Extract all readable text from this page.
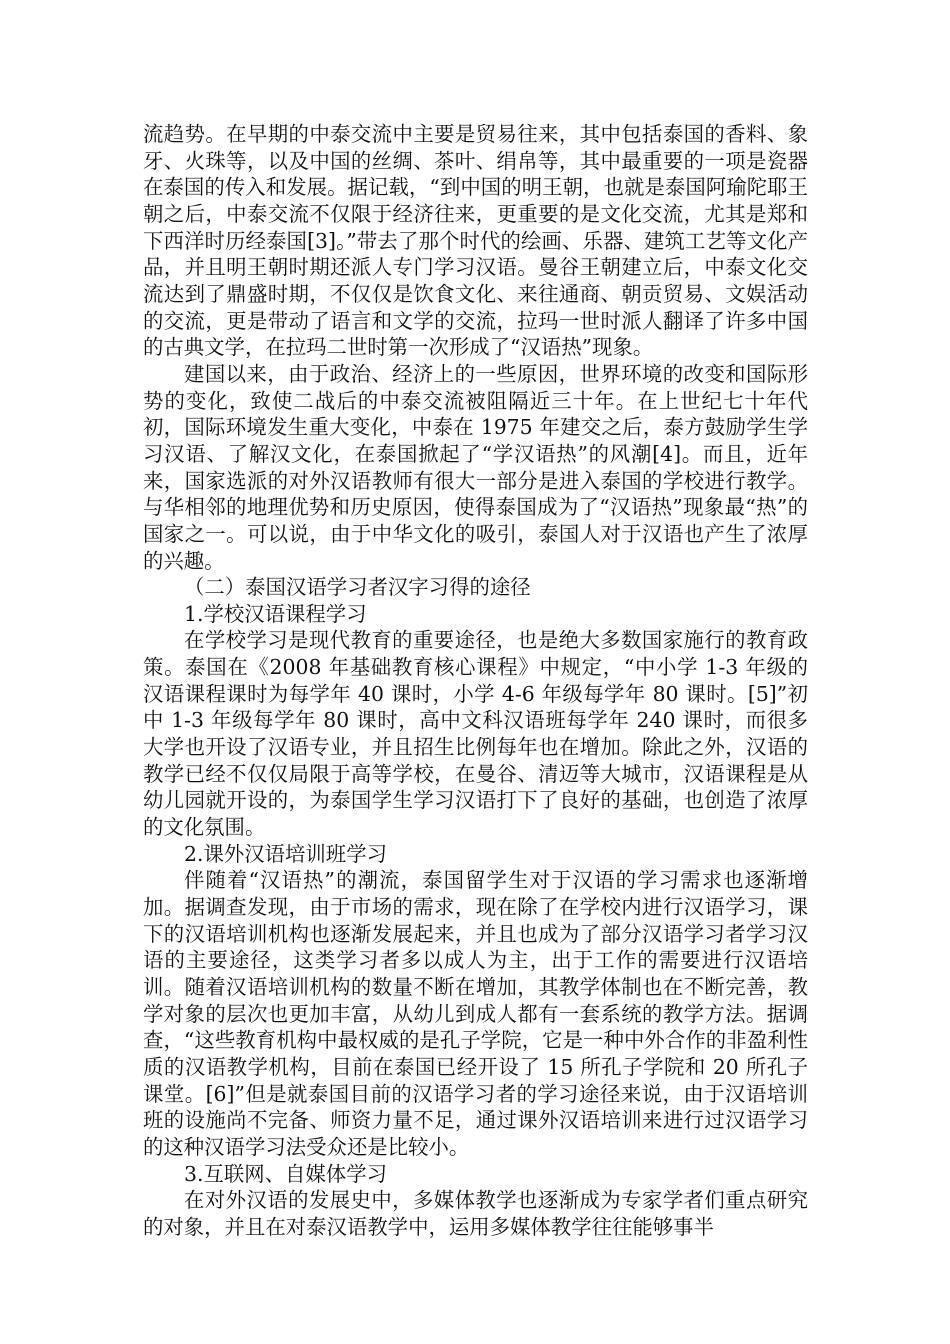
流趋势。在早期的中泰交流中主要是贸易往来，其中包括泰国的香料、象牙、火珠等，以及中国的丝绸、茶叶、绢帛等，其中最重要的一项是瓷器在泰国的传入和发展。据记载，“到中国的明王朝，也就是泰国阿瑜陀耶王朝之后，中泰交流不仅限于经济往来，更重要的是文化交流，尤其是郑和下西洋时历经泰国[3]。”带去了那个时代的绘画、乐器、建筑工艺等文化产品，并且明王朝时期还派人专门学习汉语。曼谷王朝建立后，中泰文化交流达到了鼎盛时期，不仅仅是饮食文化、来往通商、朝贡贸易、文娱活动的交流，更是带动了语言和文学的交流，拉玛一世时派人翻译了许多中国的古典文学，在拉玛二世时第一次形成了“汉语热”现象。

建国以来，由于政治、经济上的一些原因，世界环境的改变和国际形势的变化，致使二战后的中泰交流被阻隔近三十年。在上世纪七十年代初，国际环境发生重大变化，中泰在 1975 年建交之后，泰方鼓励学生学习汉语、了解汉文化，在泰国掀起了“学汉语热”的风潮[4]。而且，近年来，国家选派的对外汉语教师有很大一部分是进入泰国的学校进行教学。与华相邻的地理优势和历史原因，使得泰国成为了“汉语热”现象最“热”的国家之一。可以说，由于中华文化的吸引，泰国人对于汉语也产生了浓厚的兴趣。

（二）泰国汉语学习者汉字习得的途径

1.学校汉语课程学习

在学校学习是现代教育的重要途径，也是绝大多数国家施行的教育政策。泰国在《2008 年基础教育核心课程》中规定，“中小学 1-3 年级的汉语课程课时为每学年 40 课时，小学 4-6 年级每学年 80 课时。[5]”初中 1-3 年级每学年 80 课时，高中文科汉语班每学年 240 课时，而很多大学也开设了汉语专业，并且招生比例每年也在增加。除此之外，汉语的教学已经不仅仅局限于高等学校，在曼谷、清迈等大城市，汉语课程是从幼儿园就开设的，为泰国学生学习汉语打下了良好的基础，也创造了浓厚的文化氛围。

2.课外汉语培训班学习

伴随着“汉语热”的潮流，泰国留学生对于汉语的学习需求也逐渐增加。据调查发现，由于市场的需求，现在除了在学校内进行汉语学习，课下的汉语培训机构也逐渐发展起来，并且也成为了部分汉语学习者学习汉语的主要途径，这类学习者多以成人为主，出于工作的需要进行汉语培训。随着汉语培训机构的数量不断在增加，其教学体制也在不断完善，教学对象的层次也更加丰富，从幼儿到成人都有一套系统的教学方法。据调查，“这些教育机构中最权威的是孔子学院，它是一种中外合作的非盈利性质的汉语教学机构，目前在泰国已经开设了 15 所孔子学院和 20 所孔子课堂。[6]”但是就泰国目前的汉语学习者的学习途径来说，由于汉语培训班的设施尚不完备、师资力量不足，通过课外汉语培训来进行过汉语学习的这种汉语学习法受众还是比较小。

3.互联网、自媒体学习

在对外汉语的发展史中，多媒体教学也逐渐成为专家学者们重点研究的对象，并且在对泰汉语教学中，运用多媒体教学往往能够事半
